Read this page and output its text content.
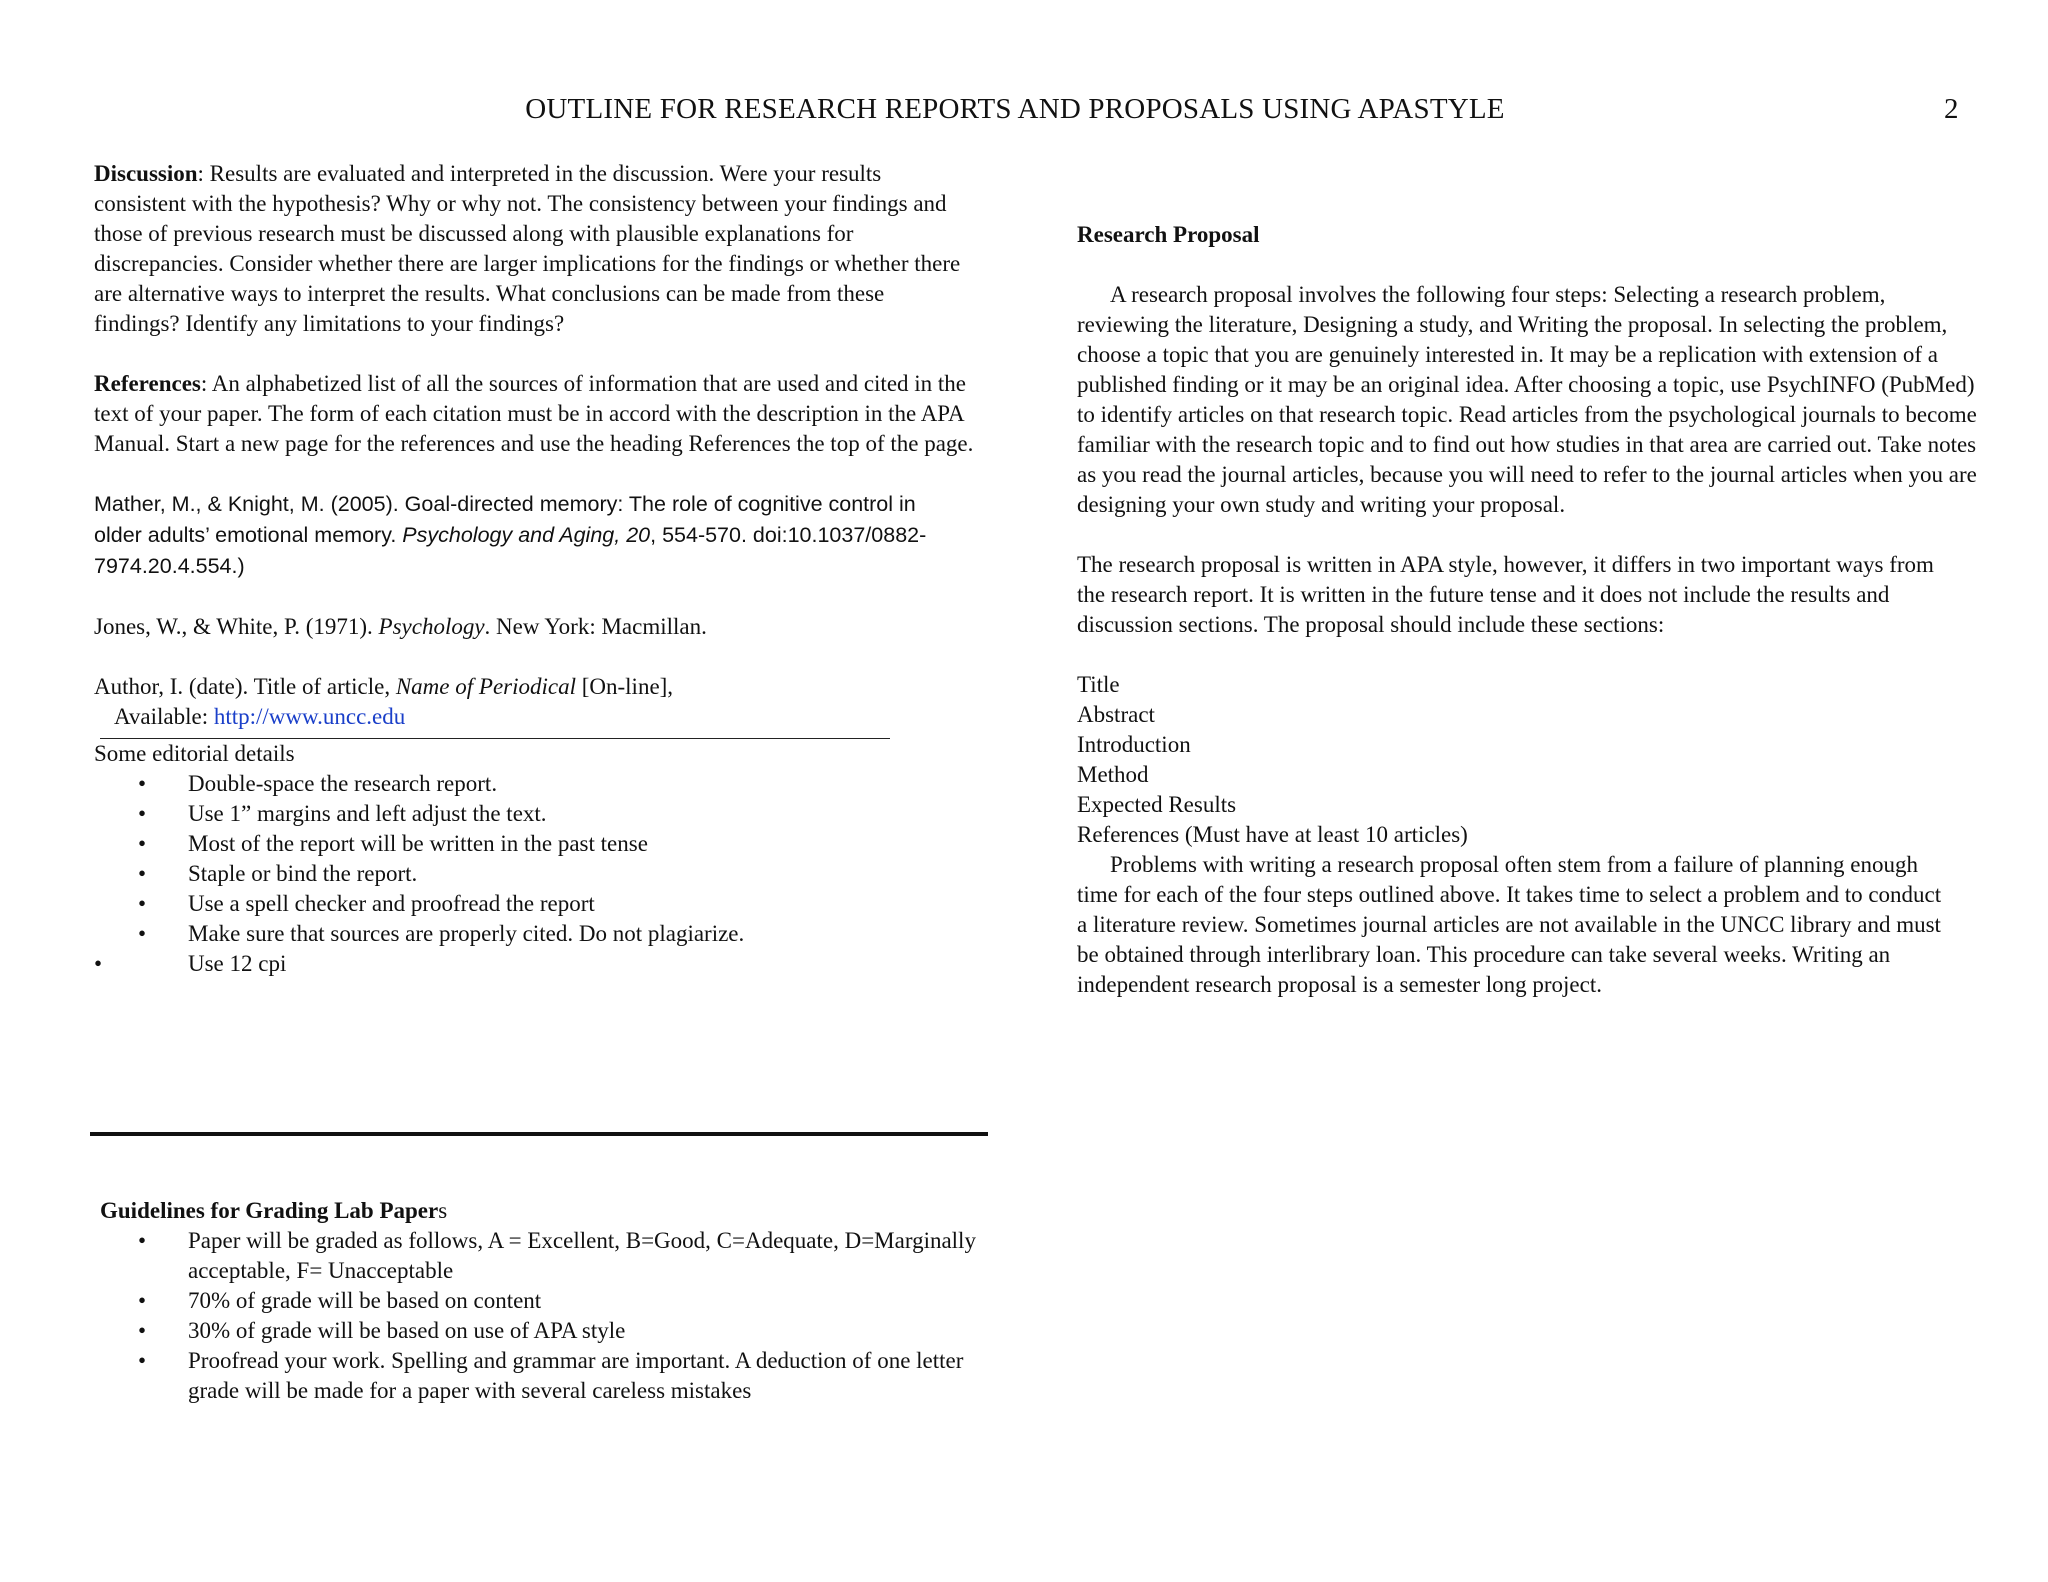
OUTLINE FOR RESEARCH REPORTS AND PROPOSALS USING APASTYLE	2

Discussion: Results are evaluated and interpreted in the discussion. Were your results consistent with the hypothesis? Why or why not. The consistency between your findings and those of previous research must be discussed along with plausible explanations for discrepancies. Consider whether there are larger implications for the findings or whether there are alternative ways to interpret the results. What conclusions can be made from these findings? Identify any limitations to your findings?

References: An alphabetized list of all the sources of information that are used and cited in the text of your paper. The form of each citation must be in accord with the description in the APA Manual. Start a new page for the references and use the heading References the top of the page.

Mather, M., & Knight, M. (2005). Goal-directed memory: The role of cognitive control in older adults’ emotional memory. Psychology and Aging, 20, 554-570. doi:10.1037/0882-7974.20.4.554.)

Jones, W., & White, P. (1971). Psychology. New York: Macmillan.

Author, I. (date). Title of article, Name of Periodical [On-line], Available: http://www.uncc.edu

Some editorial details
• Double-space the research report.
• Use 1” margins and left adjust the text.
• Most of the report will be written in the past tense
• Staple or bind the report.
• Use a spell checker and proofread the report
• Make sure that sources are properly cited. Do not plagiarize.
•	Use 12 cpi
Guidelines for Grading Lab Papers
• Paper will be graded as follows, A = Excellent, B=Good, C=Adequate, D=Marginally acceptable, F= Unacceptable
• 70% of grade will be based on content
• 30% of grade will be based on use of APA style
• Proofread your work. Spelling and grammar are important. A deduction of one letter grade will be made for a paper with several careless mistakes
Research Proposal

A research proposal involves the following four steps: Selecting a research problem, reviewing the literature, Designing a study, and Writing the proposal. In selecting the problem, choose a topic that you are genuinely interested in. It may be a replication with extension of a published finding or it may be an original idea. After choosing a topic, use PsychINFO (PubMed) to identify articles on that research topic. Read articles from the psychological journals to become familiar with the research topic and to find out how studies in that area are carried out. Take notes as you read the journal articles, because you will need to refer to the journal articles when you are designing your own study and writing your proposal.

The research proposal is written in APA style, however, it differs in two important ways from the research report. It is written in the future tense and it does not include the results and discussion sections. The proposal should include these sections:

Title
Abstract
Introduction
Method
Expected Results
References (Must have at least 10 articles)

Problems with writing a research proposal often stem from a failure of planning enough time for each of the four steps outlined above. It takes time to select a problem and to conduct a literature review. Sometimes journal articles are not available in the UNCC library and must be obtained through interlibrary loan. This procedure can take several weeks. Writing an independent research proposal is a semester long project.
